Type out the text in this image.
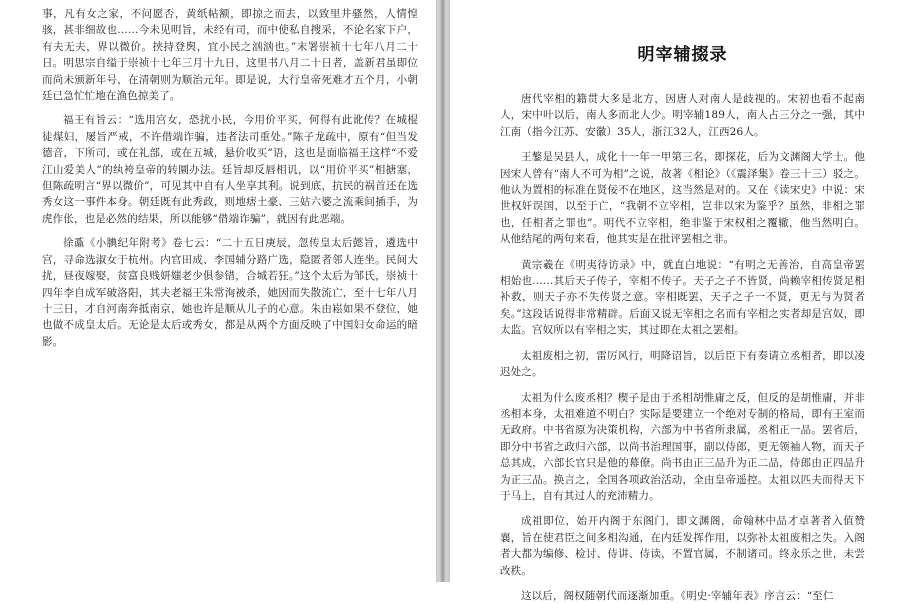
事，凡有女之家，不问愿否，黄纸帖额，即掠之而去，以致里井骚然，人情惶骇，甚非细故也……今未见明旨，未经有司，而中使私自搜采，不论名家下户，有夫无夫，界以微价。挟持登舆，宜小民之汹汹也。”末署崇祯十七年八月二十日。明思宗自缢于崇祯十七年三月十九日，这里书八月二十日者，盖新君虽即位而尚未颁新年号，在清朝则为顺治元年。即是说，大行皇帝死难才五个月，小朝廷已急忙忙地在渔色掠美了。

福王有旨云：“选用宫女，恐扰小民，今用价平买，何得有此讹传？在城棍徒煤妇，屡旨严戒，不许借端诈骗，违者法司重处。”陈子龙疏中，原有“但当发德音，下所司，或在礼部，或在五城，悬价收买”语，这也是面临福王这样“不爱江山爱美人”的纨袴皇帝的转圜办法。廷旨却反唇相讥，以“用价平买”相搪塞，但陈疏明言“界以微价”，可见其中自有人坐享其利。说到底，抗民的祸首还在选秀女这一事件本身。朝廷既有此秀政，则地痞土豪、三姑六婆之流乘间插手，为虎作伥，也是必然的结果，所以能够“借端诈骗”，就因有此恶端。

徐鼒《小腆纪年附考》卷七云：“二十五日庚辰，忽传皇太后懿旨，遴选中宫，寻命选淑女于杭州。内官田成、李国辅分路广选，隐匿者邻人连坐。民间大扰，昼夜嫁娶，贫富良贱妍媸老少俱参错，合城若狂。”这个太后为邹氏，崇祯十四年李自成军破洛阳，其夫老福王朱常洵被杀，她因而失散流亡，至十七年八月十三日，才自河南奔抵南京，她也许是顺从儿子的心意。朱由崧如果不登位，她也做不成皇太后。无论是太后或秀女，都是从两个方面反映了中国妇女命运的暗影。

明宰辅掇录

唐代宰相的籍贯大多是北方，因唐人对南人是歧视的。宋初也看不起南人，宋中叶以后，南人多而北人少。明宰辅189人，南人占三分之一强，其中江南（指今江苏、安徽）35人，浙江32人，江西26人。

王鏊是吴县人，成化十一年一甲第三名，即探花，后为文渊阁大学士。他因宋人曾有“南人不可为相”之说，故著《相论》（《震泽集》卷三十三）驳之。他认为置相的标准在贤佞不在地区，这当然是对的。又在《读宋史》中说：宋世权奸误国，以至于亡，“我朝不立宰相，岂非以宋为鉴乎？虽然，非相之罪也，任相者之罪也”。明代不立宰相，绝非鉴于宋权相之覆辙，他当然明白。从他结尾的两句来看，他其实是在批评罢相之非。

黄宗羲在《明夷待访录》中，就直白地说：“有明之无善治，自高皇帝罢相始也……其后天子传子，宰相不传子。天子之子不皆贤，尚赖宰相传贤足相补救，则天子亦不失传贤之意。宰相既罢，天子之子一不贤，更无与为贤者矣。”这段话说得非常精辟。后面又说无宰相之名而有宰相之实者却是宫奴，即太监。宫奴所以有宰相之实，其过即在太祖之罢相。

太祖废相之初，雷厉风行，明降诏旨，以后臣下有奏请立丞相者，即以凌迟处之。

太祖为什么废丞相？楔子是由于丞相胡惟庸之反，但反的是胡惟庸，并非丞相本身，太祖难道不明白？实际是要建立一个绝对专制的格局，即有王室而无政府。中书省原为决策机构，六部为中书省所隶属，丞相正一品。罢省后，即分中书省之政归六部，以尚书治理国事，副以侍郎，更无领袖人物，而天子总其成，六部长官只是他的幕僚。尚书由正三品升为正二品，侍郎由正四品升为正三品。换言之，全国各项政治活动，全由皇帝遥控。太祖以匹夫而得天下于马上，自有其过人的充沛精力。

成祖即位，始开内阁于东阁门，即文渊阁，命翰林中品才卓著者入值赞襄，旨在使君臣之间多相沟通，在内廷发挥作用，以弥补太祖废相之失。入阁者大都为编修、检讨、侍讲、侍读，不置官属，不制诸司。终永乐之世，未尝改秩。

这以后，阁权随朝代而逐渐加重。《明史·宰辅年表》序言云：“至仁
